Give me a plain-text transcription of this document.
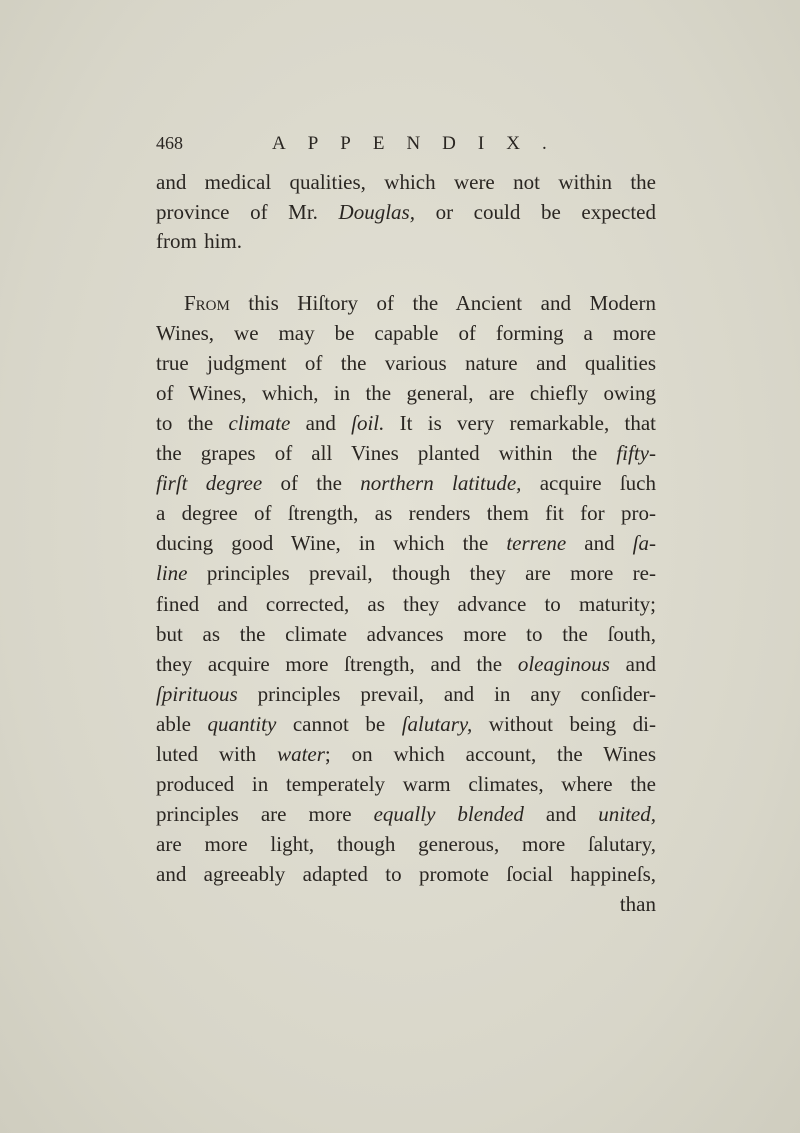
468	APPENDIX.
and medical qualities, which were not within the
province of Mr. Douglas, or could be expected
from him.
From this Hiſtory of the Ancient and Modern
Wines, we may be capable of forming a more
true judgment of the various nature and qualities
of Wines, which, in the general, are chiefly owing
to the climate and ſoil. It is very remarkable, that
the grapes of all Vines planted within the fifty-
firſt degree of the northern latitude, acquire ſuch
a degree of ſtrength, as renders them fit for pro-
ducing good Wine, in which the terrene and ſa-
line principles prevail, though they are more re-
fined and corrected, as they advance to maturity;
but as the climate advances more to the ſouth,
they acquire more ſtrength, and the oleaginous and
ſpirituous principles prevail, and in any conſider-
able quantity cannot be ſalutary, without being di-
luted with water; on which account, the Wines
produced in temperately warm climates, where the
principles are more equally blended and united,
are more light, though generous, more ſalutary,
and agreeably adapted to promote ſocial happineſs,
than
